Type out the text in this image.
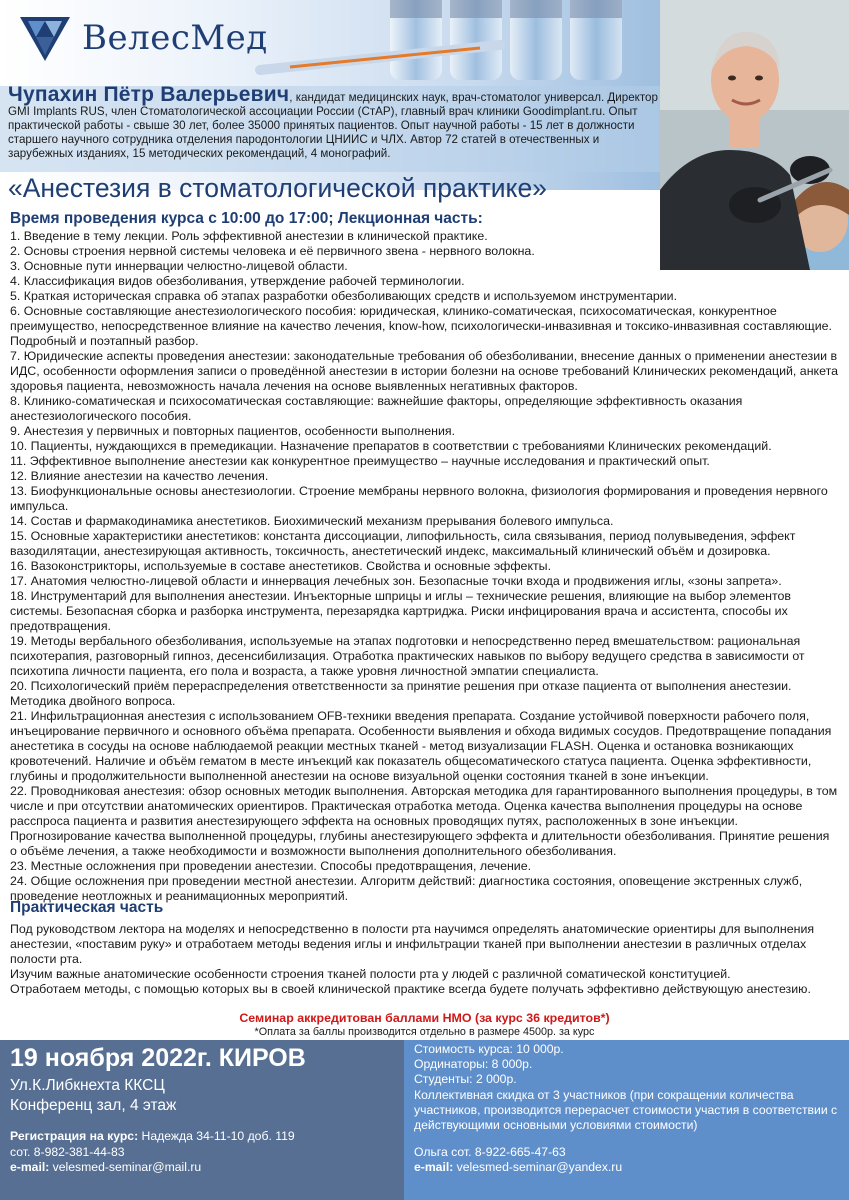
ВелесМед
Чупахин Пётр Валерьевич, кандидат медицинских наук, врач-стоматолог универсал. Директор GMI Implants RUS, член Стоматологической ассоциации России (СтАР), главный врач клиники Goodimplant.ru. Опыт практической работы - свыше 30 лет, более 35000 принятых пациентов. Опыт научной работы - 15 лет в должности старшего научного сотрудника отделения пародонтологии ЦНИИС и ЧЛХ. Автор 72 статей в отечественных и зарубежных изданиях, 15 методических рекомендаций, 4 монографий.
«Анестезия в стоматологической практике»
Время проведения курса с 10:00 до 17:00; Лекционная часть:
1. Введение в тему лекции. Роль эффективной анестезии в клинической практике.
2. Основы строения нервной системы человека и её первичного звена - нервного волокна.
3. Основные пути иннервации челюстно-лицевой области.
4. Классификация видов обезболивания, утверждение рабочей терминологии.
5. Краткая историческая справка об этапах разработки обезболивающих средств и используемом инструментарии.
6. Основные составляющие анестезиологического пособия: юридическая, клинико-соматическая, психосоматическая, конкурентное преимущество, непосредственное влияние на качество лечения, know-how, психологически-инвазивная и токсико-инвазивная составляющие. Подробный и поэтапный разбор.
7. Юридические аспекты проведения анестезии: законодательные требования об обезболивании, внесение данных о применении анестезии в ИДС, особенности оформления записи о проведённой анестезии в истории болезни на основе требований Клинических рекомендаций, анкета здоровья пациента, невозможность начала лечения на основе выявленных негативных факторов.
8. Клинико-соматическая и психосоматическая составляющие: важнейшие факторы, определяющие эффективность оказания анестезиологического пособия.
9. Анестезия у первичных и повторных пациентов, особенности выполнения.
10. Пациенты, нуждающихся в премедикации. Назначение препаратов в соответствии с требованиями Клинических рекомендаций.
11. Эффективное выполнение анестезии как конкурентное преимущество – научные исследования и практический опыт.
12. Влияние анестезии на качество лечения.
13. Биофункциональные основы анестезиологии. Строение мембраны нервного волокна, физиология формирования и проведения нервного импульса.
14. Состав и фармакодинамика анестетиков. Биохимический механизм прерывания болевого импульса.
15. Основные характеристики анестетиков: константа диссоциации, липофильность, сила связывания, период полувыведения, эффект вазодилятации, анестезирующая активность, токсичность, анестетический индекс, максимальный клинический объём и дозировка.
16. Вазоконстрикторы, используемые в составе анестетиков. Свойства и основные эффекты.
17. Анатомия челюстно-лицевой области и иннервация лечебных зон. Безопасные точки входа и продвижения иглы, «зоны запрета».
18. Инструментарий для выполнения анестезии. Инъекторные шприцы и иглы – технические решения, влияющие на выбор элементов системы. Безопасная сборка и разборка инструмента, перезарядка картриджа. Риски инфицирования врача и ассистента, способы их предотвращения.
19. Методы вербального обезболивания, используемые на этапах подготовки и непосредственно перед вмешательством: рациональная психотерапия, разговорный гипноз, десенсибилизация. Отработка практических навыков по выбору ведущего средства в зависимости от психотипа личности пациента, его пола и возраста, а также уровня личностной эмпатии специалиста.
20. Психологический приём перераспределения ответственности за принятие решения при отказе пациента от выполнения анестезии. Методика двойного вопроса.
21. Инфильтрационная анестезия с использованием OFB-техники введения препарата. Создание устойчивой поверхности рабочего поля, инъецирование первичного и основного объёма препарата. Особенности выявления и обхода видимых сосудов. Предотвращение попадания анестетика в сосуды на основе наблюдаемой реакции местных тканей - метод визуализации FLASH. Оценка и остановка возникающих кровотечений. Наличие и объём гематом в месте инъекций как показатель общесоматического статуса пациента. Оценка эффективности, глубины и продолжительности выполненной анестезии на основе визуальной оценки состояния тканей в зоне инъекции.
22. Проводниковая анестезия: обзор основных методик выполнения. Авторская методика для гарантированного выполнения процедуры, в том числе и при отсутствии анатомических ориентиров. Практическая отработка метода. Оценка качества выполнения процедуры на основе расспроса пациента и развития анестезирующего эффекта на основных проводящих путях, расположенных в зоне инъекции. Прогнозирование качества выполненной процедуры, глубины анестезирующего эффекта и длительности обезболивания. Принятие решения о объёме лечения, а также необходимости и возможности выполнения дополнительного обезболивания.
23. Местные осложнения при проведении анестезии. Способы предотвращения, лечение.
24. Общие осложнения при проведении местной анестезии. Алгоритм действий: диагностика состояния, оповещение экстренных служб, проведение неотложных и реанимационных мероприятий.
Практическая часть

Под руководством лектора на моделях и непосредственно в полости рта научимся определять анатомические ориентиры для выполнения анестезии, «поставим руку» и отработаем методы ведения иглы и инфильтрации тканей при выполнении анестезии в различных отделах полости рта.

Изучим важные анатомические особенности строения тканей полости рта у людей с различной соматической конституцией.

Отработаем методы, с помощью которых вы в своей клинической практике всегда будете получать эффективно действующую анестезию.

Семинар аккредитован баллами НМО (за курс 36 кредитов*)
*Оплата за баллы производится отдельно в размере 4500р. за курс
19 ноября 2022г. КИРОВ
Ул.К.Либкнехта ККСЦ
Конференц зал, 4 этаж
Регистрация на курс: Надежда 34-11-10 доб. 119
сот. 8-982-381-44-83
e-mail: velesmed-seminar@mail.ru
Стоимость курса: 10 000р.
Ординаторы: 8 000р.
Студенты: 2 000р.
Коллективная скидка от 3 участников (при сокращении количества участников, производится перерасчет стоимости участия в соответствии с действующими основными условиями стоимости)
Ольга сот. 8-922-665-47-63
e-mail: velesmed-seminar@yandex.ru
